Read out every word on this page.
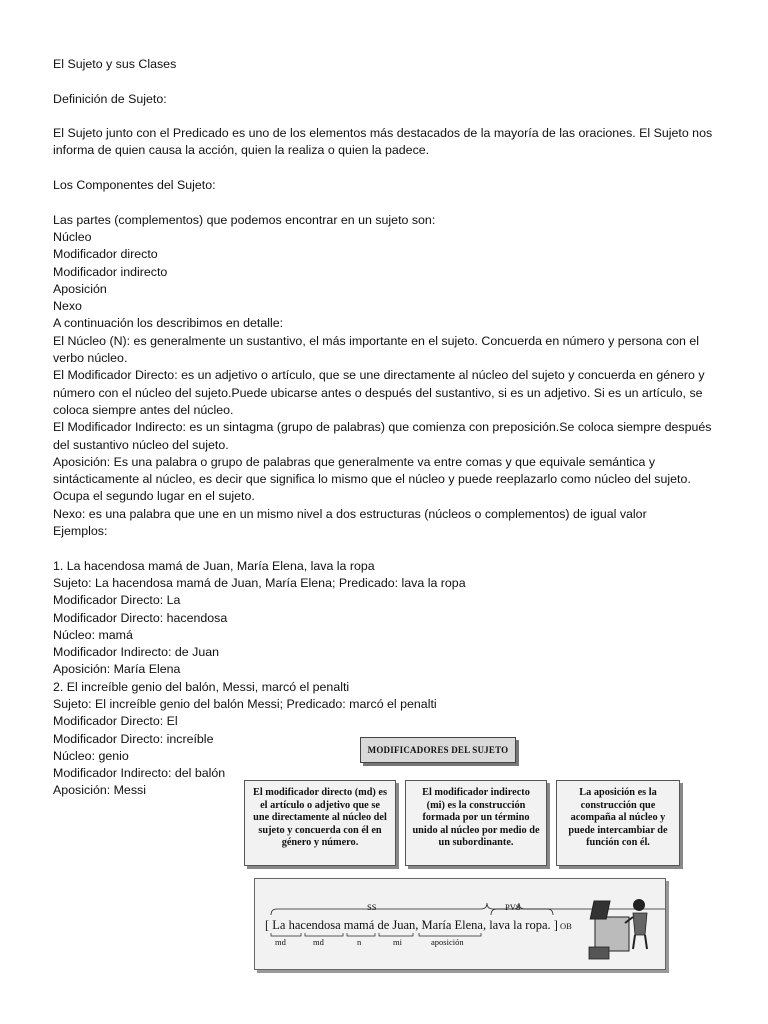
El Sujeto y sus Clases
Definición de Sujeto:
El Sujeto junto con el Predicado es uno de los elementos más destacados de la mayoría de las oraciones. El Sujeto nos
informa de quien causa la acción, quien la realiza o quien la padece.
Los Componentes del Sujeto:
Las partes (complementos) que podemos encontrar en un sujeto son:
Núcleo
Modificador directo
Modificador indirecto
Aposición
Nexo
A continuación los describimos en detalle:
El Núcleo (N): es generalmente un sustantivo, el más importante en el sujeto. Concuerda en número y persona con el
verbo núcleo.
El Modificador Directo: es un adjetivo o artículo, que se une directamente al núcleo del sujeto y concuerda en género y
número con el núcleo del sujeto.Puede ubicarse antes o después del sustantivo, si es un adjetivo. Si es un artículo, se
coloca siempre antes del núcleo.
El Modificador Indirecto: es un sintagma (grupo de palabras) que comienza con preposición.Se coloca siempre después
del sustantivo núcleo del sujeto.
Aposición: Es una palabra o grupo de palabras que generalmente va entre comas y que equivale semántica y
sintácticamente al núcleo, es decir que significa lo mismo que el núcleo y puede reeplazarlo como núcleo del sujeto.
Ocupa el segundo lugar en el sujeto.
Nexo: es una palabra que une en un mismo nivel a dos estructuras (núcleos o complementos) de igual valor
Ejemplos:
1. La hacendosa mamá de Juan, María Elena, lava la ropa
Sujeto: La hacendosa mamá de Juan, María Elena; Predicado: lava la ropa
Modificador Directo: La
Modificador Directo: hacendosa
Núcleo: mamá
Modificador Indirecto: de Juan
Aposición: María Elena
2. El increíble genio del balón, Messi, marcó el penalti
Sujeto: El increíble genio del balón Messi; Predicado: marcó el penalti
Modificador Directo: El
Modificador Directo: increíble
Núcleo: genio
Modificador Indirecto: del balón
Aposición: Messi
MODIFICADORES DEL SUJETO
El modificador directo (md) es el artículo o adjetivo que se une directamente al núcleo del sujeto y concuerda con él en género y número.
El modificador indirecto (mi) es la construcción formada por un término unido al núcleo por medio de un subordinante.
La aposición es la construcción que acompaña al núcleo y puede intercambiar de función con él.
SS	PVS
[ La hacendosa mamá de Juan, María Elena, lava la ropa. ] OB
md	md	n	mi	aposición
